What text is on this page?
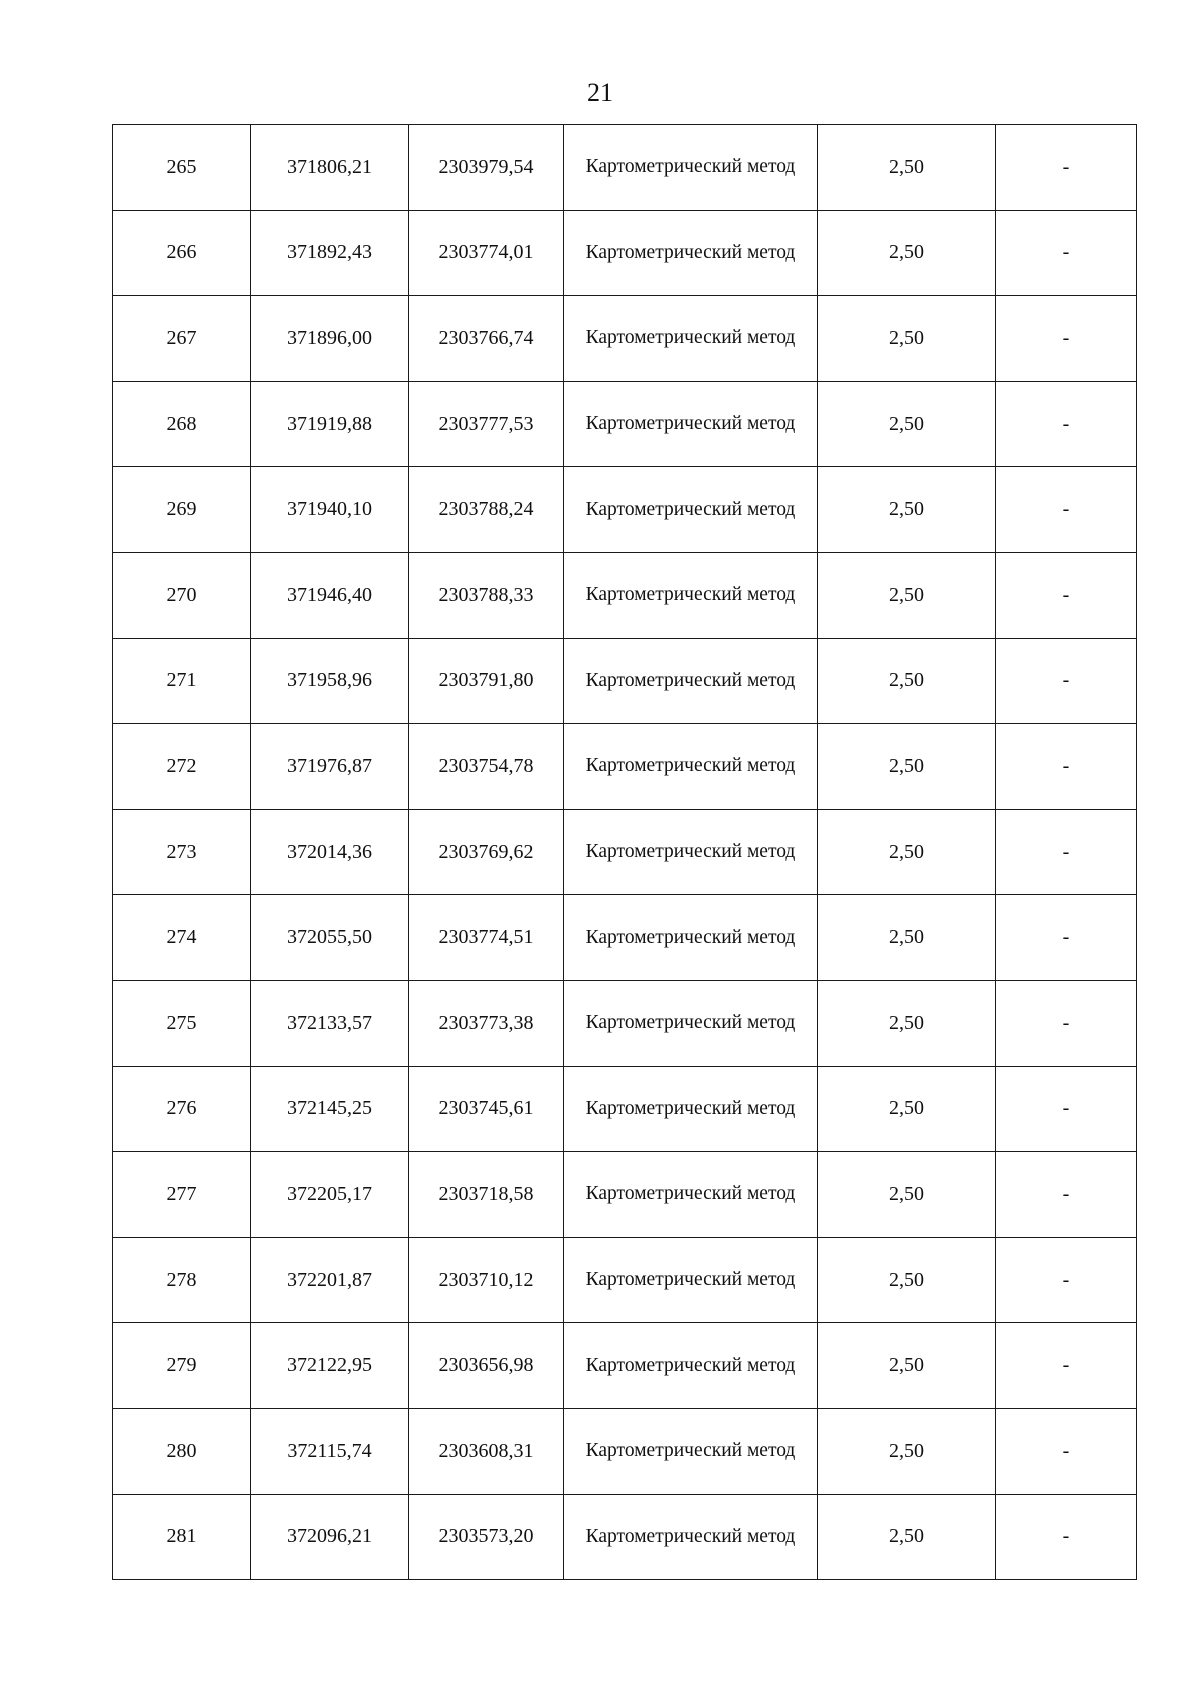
21
265	371806,21	2303979,54	Картометрический метод	2,50	-
266	371892,43	2303774,01	Картометрический метод	2,50	-
267	371896,00	2303766,74	Картометрический метод	2,50	-
268	371919,88	2303777,53	Картометрический метод	2,50	-
269	371940,10	2303788,24	Картометрический метод	2,50	-
270	371946,40	2303788,33	Картометрический метод	2,50	-
271	371958,96	2303791,80	Картометрический метод	2,50	-
272	371976,87	2303754,78	Картометрический метод	2,50	-
273	372014,36	2303769,62	Картометрический метод	2,50	-
274	372055,50	2303774,51	Картометрический метод	2,50	-
275	372133,57	2303773,38	Картометрический метод	2,50	-
276	372145,25	2303745,61	Картометрический метод	2,50	-
277	372205,17	2303718,58	Картометрический метод	2,50	-
278	372201,87	2303710,12	Картометрический метод	2,50	-
279	372122,95	2303656,98	Картометрический метод	2,50	-
280	372115,74	2303608,31	Картометрический метод	2,50	-
281	372096,21	2303573,20	Картометрический метод	2,50	-
